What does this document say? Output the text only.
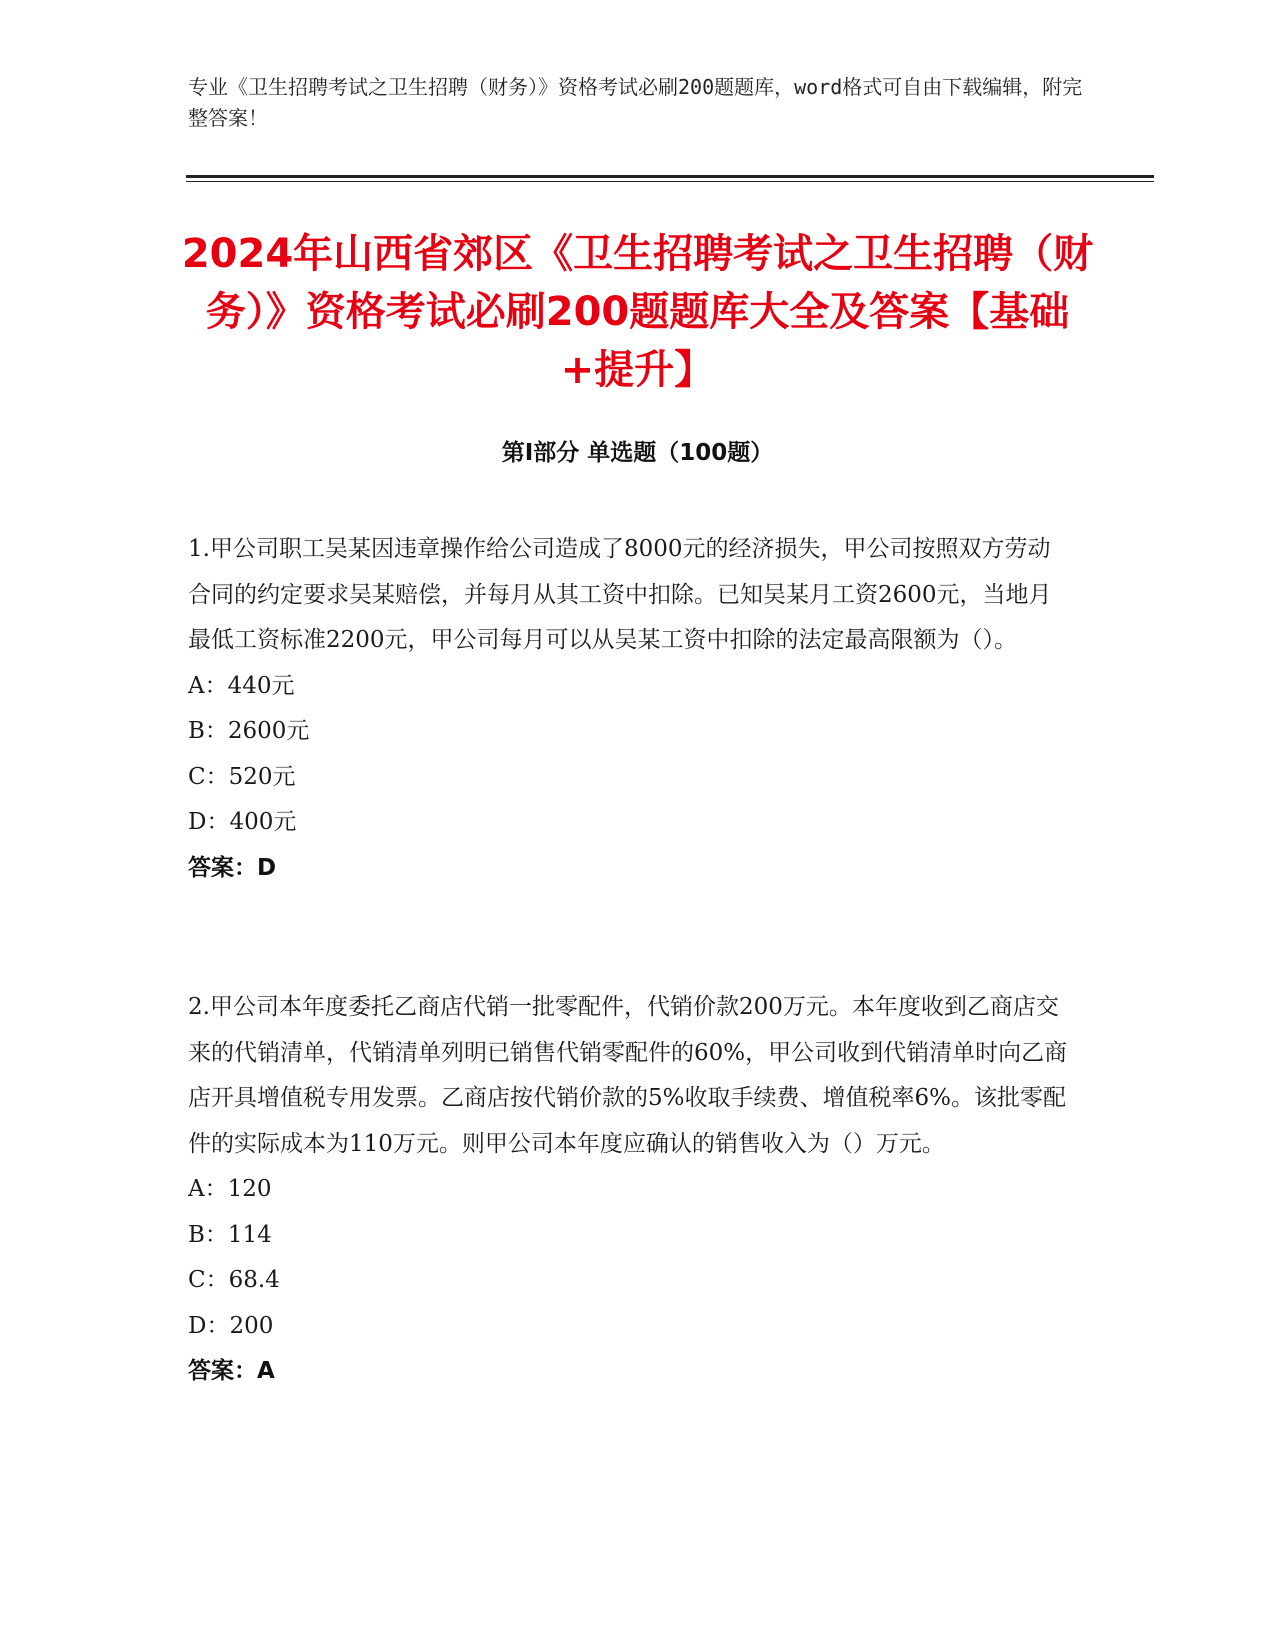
专业《卫生招聘考试之卫生招聘（财务）》资格考试必刷200题题库，word格式可自由下载编辑，附完整答案！
2024年山西省郊区《卫生招聘考试之卫生招聘（财务）》资格考试必刷200题题库大全及答案【基础+提升】
第I部分 单选题（100题）

1.甲公司职工吴某因违章操作给公司造成了8000元的经济损失，甲公司按照双方劳动合同的约定要求吴某赔偿，并每月从其工资中扣除。已知吴某月工资2600元，当地月最低工资标准2200元，甲公司每月可以从吴某工资中扣除的法定最高限额为（）。

A：440元

B：2600元

C：520元

D：400元

答案：D

2.甲公司本年度委托乙商店代销一批零配件，代销价款200万元。本年度收到乙商店交来的代销清单，代销清单列明已销售代销零配件的60%，甲公司收到代销清单时向乙商店开具增值税专用发票。乙商店按代销价款的5%收取手续费、增值税率6%。该批零配件的实际成本为110万元。则甲公司本年度应确认的销售收入为（）万元。

A：120

B：114

C：68.4

D：200

答案：A
